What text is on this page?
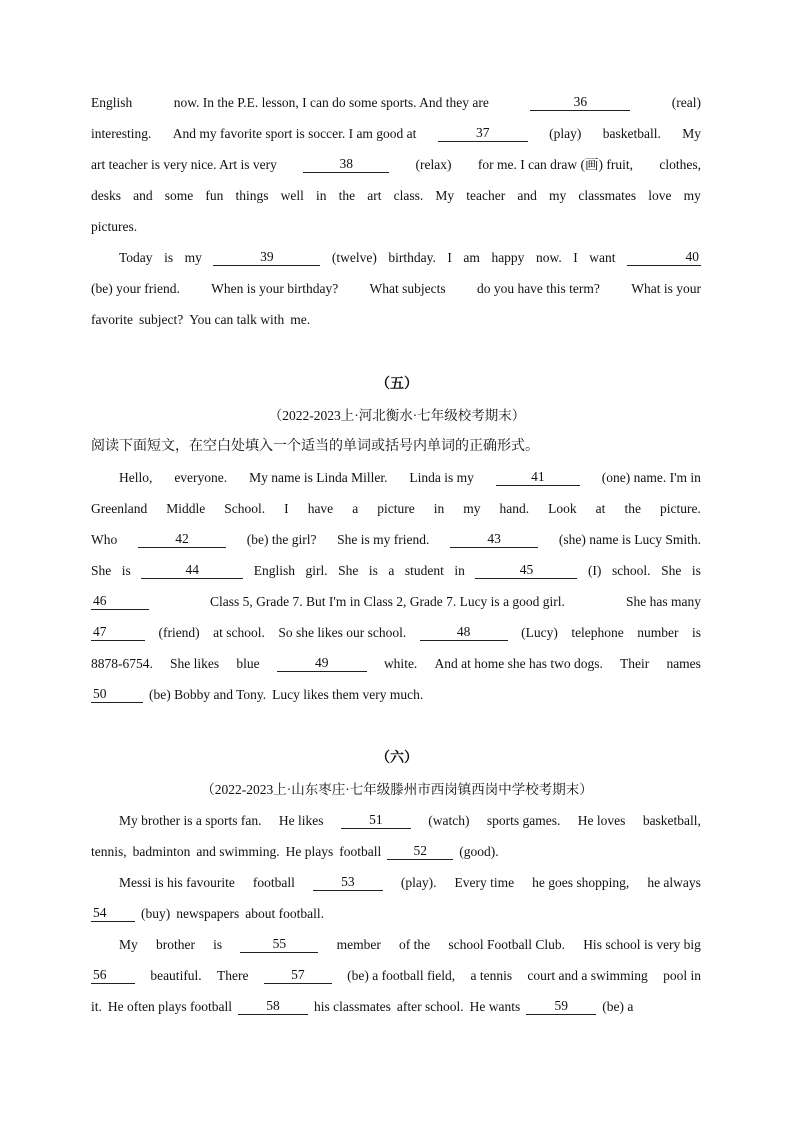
English	now. In the P.E. lesson, I can do some sports. And they are	36	(real)
interesting. And my favorite sport is soccer. I am good at	37	(play) basketball. My
art teacher is very nice. Art is very	38	(relax) for me. I can draw (画) fruit, clothes,
desks and some fun things well in the art class. My teacher and my classmates love my
pictures.
Today is my	39	(twelve) birthday. I am happy now. I want	40
(be) your friend. When is your birthday? What subjects do you have this term? What is your
favorite subject? You can talk with me.
（五）
（2022-2023上·河北衡水·七年级校考期末）
阅读下面短文，在空白处填入一个适当的单词或括号内单词的正确形式。
Hello, everyone. My name is Linda Miller. Linda is my	41	(one) name. I'm in
Greenland Middle School. I have a picture in my hand. Look at the picture.
Who	42	(be) the girl? She is my friend.	43	(she) name is Lucy Smith.
She is	44	English girl. She is a student in	45	(I) school. She is
46	Class 5, Grade 7. But I'm in Class 2, Grade 7. Lucy is a good girl.	She has many
47	(friend) at school. So she likes our school.	48	(Lucy) telephone number is
8878-6754. She likes blue	49	white. And at home she has two dogs. Their names
50	(be) Bobby and Tony. Lucy likes them very much.
（六）
（2022-2023上·山东枣庄·七年级滕州市西岗镇西岗中学校考期末）
My brother is a sports fan. He likes	51	(watch) sports games. He loves basketball,
tennis, badminton and swimming. He plays football	52	(good).
Messi is his favourite football	53	(play). Every time he goes shopping, he always
54	(buy) newspapers about football.
My brother is	55	member of the school Football Club. His school is very big
56	beautiful. There	57	(be) a football field, a tennis court and a swimming pool in
it. He often plays football	58	his classmates after school. He wants	59	(be) a
